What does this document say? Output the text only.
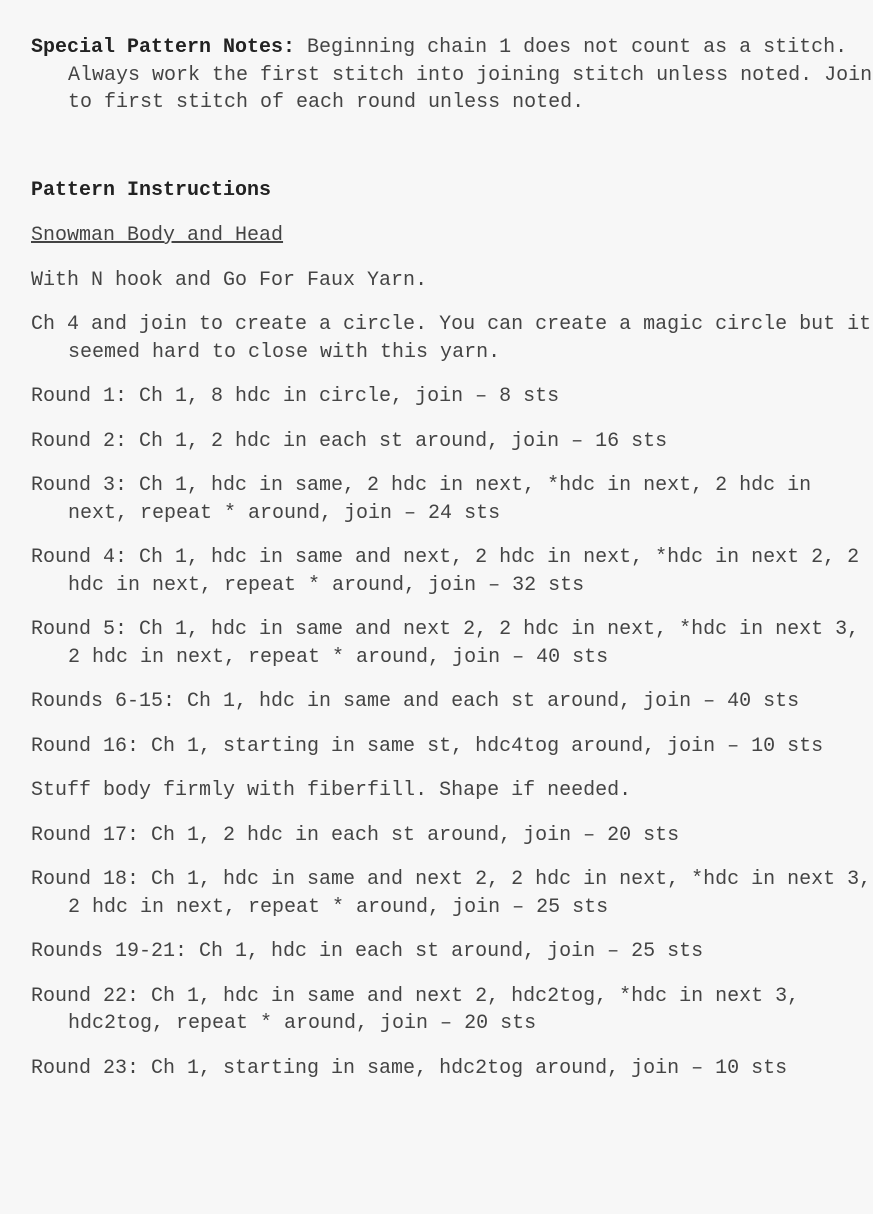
Special Pattern Notes: Beginning chain 1 does not count as a stitch. Always work the first stitch into joining stitch unless noted. Join to first stitch of each round unless noted.

Pattern Instructions

Snowman Body and Head

With N hook and Go For Faux Yarn.

Ch 4 and join to create a circle. You can create a magic circle but it seemed hard to close with this yarn.

Round 1: Ch 1, 8 hdc in circle, join – 8 sts

Round 2: Ch 1, 2 hdc in each st around, join – 16 sts

Round 3: Ch 1, hdc in same, 2 hdc in next, *hdc in next, 2 hdc in next, repeat * around, join – 24 sts

Round 4: Ch 1, hdc in same and next, 2 hdc in next, *hdc in next 2, 2 hdc in next, repeat * around, join – 32 sts

Round 5: Ch 1, hdc in same and next 2, 2 hdc in next, *hdc in next 3, 2 hdc in next, repeat * around, join – 40 sts

Rounds 6-15: Ch 1, hdc in same and each st around, join – 40 sts

Round 16: Ch 1, starting in same st, hdc4tog around, join – 10 sts

Stuff body firmly with fiberfill. Shape if needed.

Round 17: Ch 1, 2 hdc in each st around, join – 20 sts

Round 18: Ch 1, hdc in same and next 2, 2 hdc in next, *hdc in next 3, 2 hdc in next, repeat * around, join – 25 sts

Rounds 19-21: Ch 1, hdc in each st around, join – 25 sts

Round 22: Ch 1, hdc in same and next 2, hdc2tog, *hdc in next 3, hdc2tog, repeat * around, join – 20 sts

Round 23: Ch 1, starting in same, hdc2tog around, join – 10 sts
